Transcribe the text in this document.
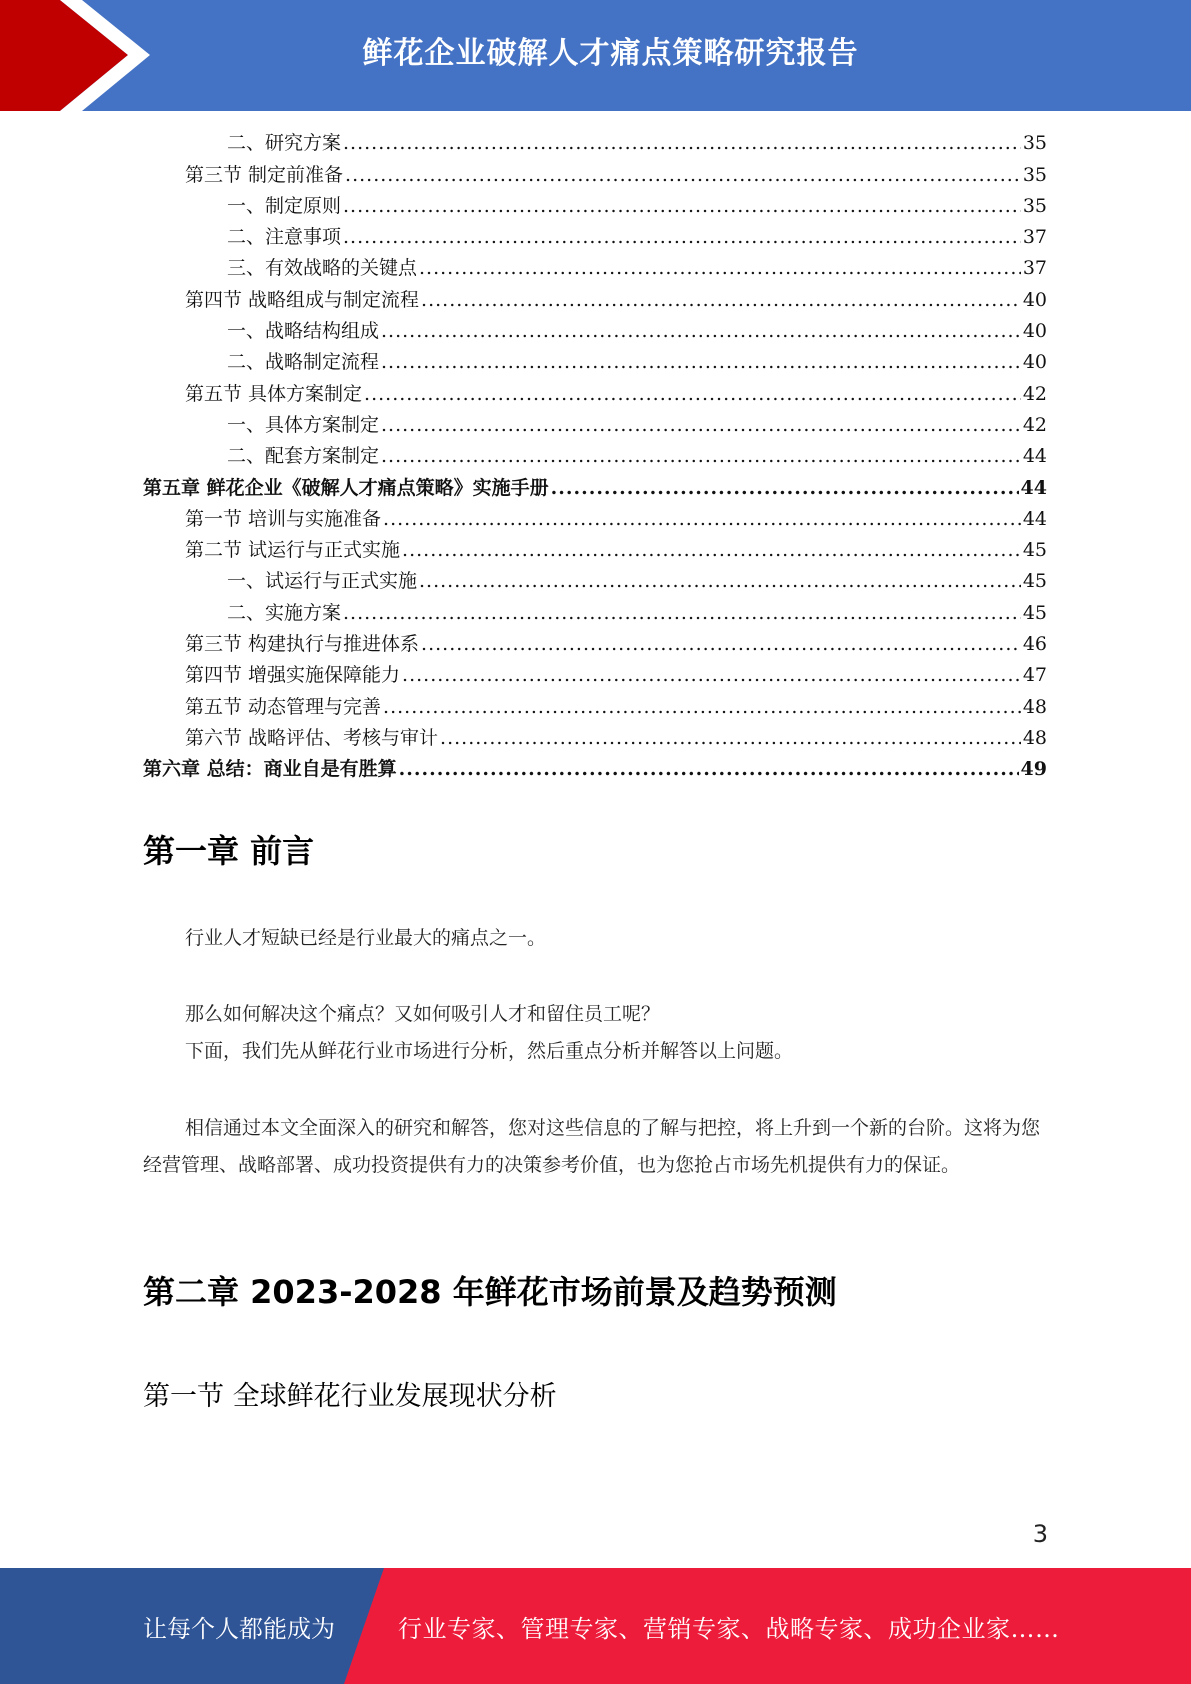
鲜花企业破解人才痛点策略研究报告
二、研究方案 .....	35
第三节 制定前准备 .....	35
一、制定原则 .....	35
二、注意事项 .....	37
三、有效战略的关键点 .....	37
第四节 战略组成与制定流程 .....	40
一、战略结构组成 .....	40
二、战略制定流程 .....	40
第五节 具体方案制定 .....	42
一、具体方案制定 .....	42
二、配套方案制定 .....	44
第五章 鲜花企业《破解人才痛点策略》实施手册 .....	44
第一节 培训与实施准备 .....	44
第二节 试运行与正式实施 .....	45
一、试运行与正式实施 .....	45
二、实施方案 .....	45
第三节 构建执行与推进体系 .....	46
第四节 增强实施保障能力 .....	47
第五节 动态管理与完善 .....	48
第六节 战略评估、考核与审计 .....	48
第六章 总结：商业自是有胜算 .....	49
第一章 前言

行业人才短缺已经是行业最大的痛点之一。

那么如何解决这个痛点？又如何吸引人才和留住员工呢？

下面，我们先从鲜花行业市场进行分析，然后重点分析并解答以上问题。

相信通过本文全面深入的研究和解答，您对这些信息的了解与把控，将上升到一个新的台阶。这将为您经营管理、战略部署、成功投资提供有力的决策参考价值，也为您抢占市场先机提供有力的保证。

第二章 2023-2028 年鲜花市场前景及趋势预测
第一节 全球鲜花行业发展现状分析
3
让每个人都能成为	行业专家、管理专家、营销专家、战略专家、成功企业家……
